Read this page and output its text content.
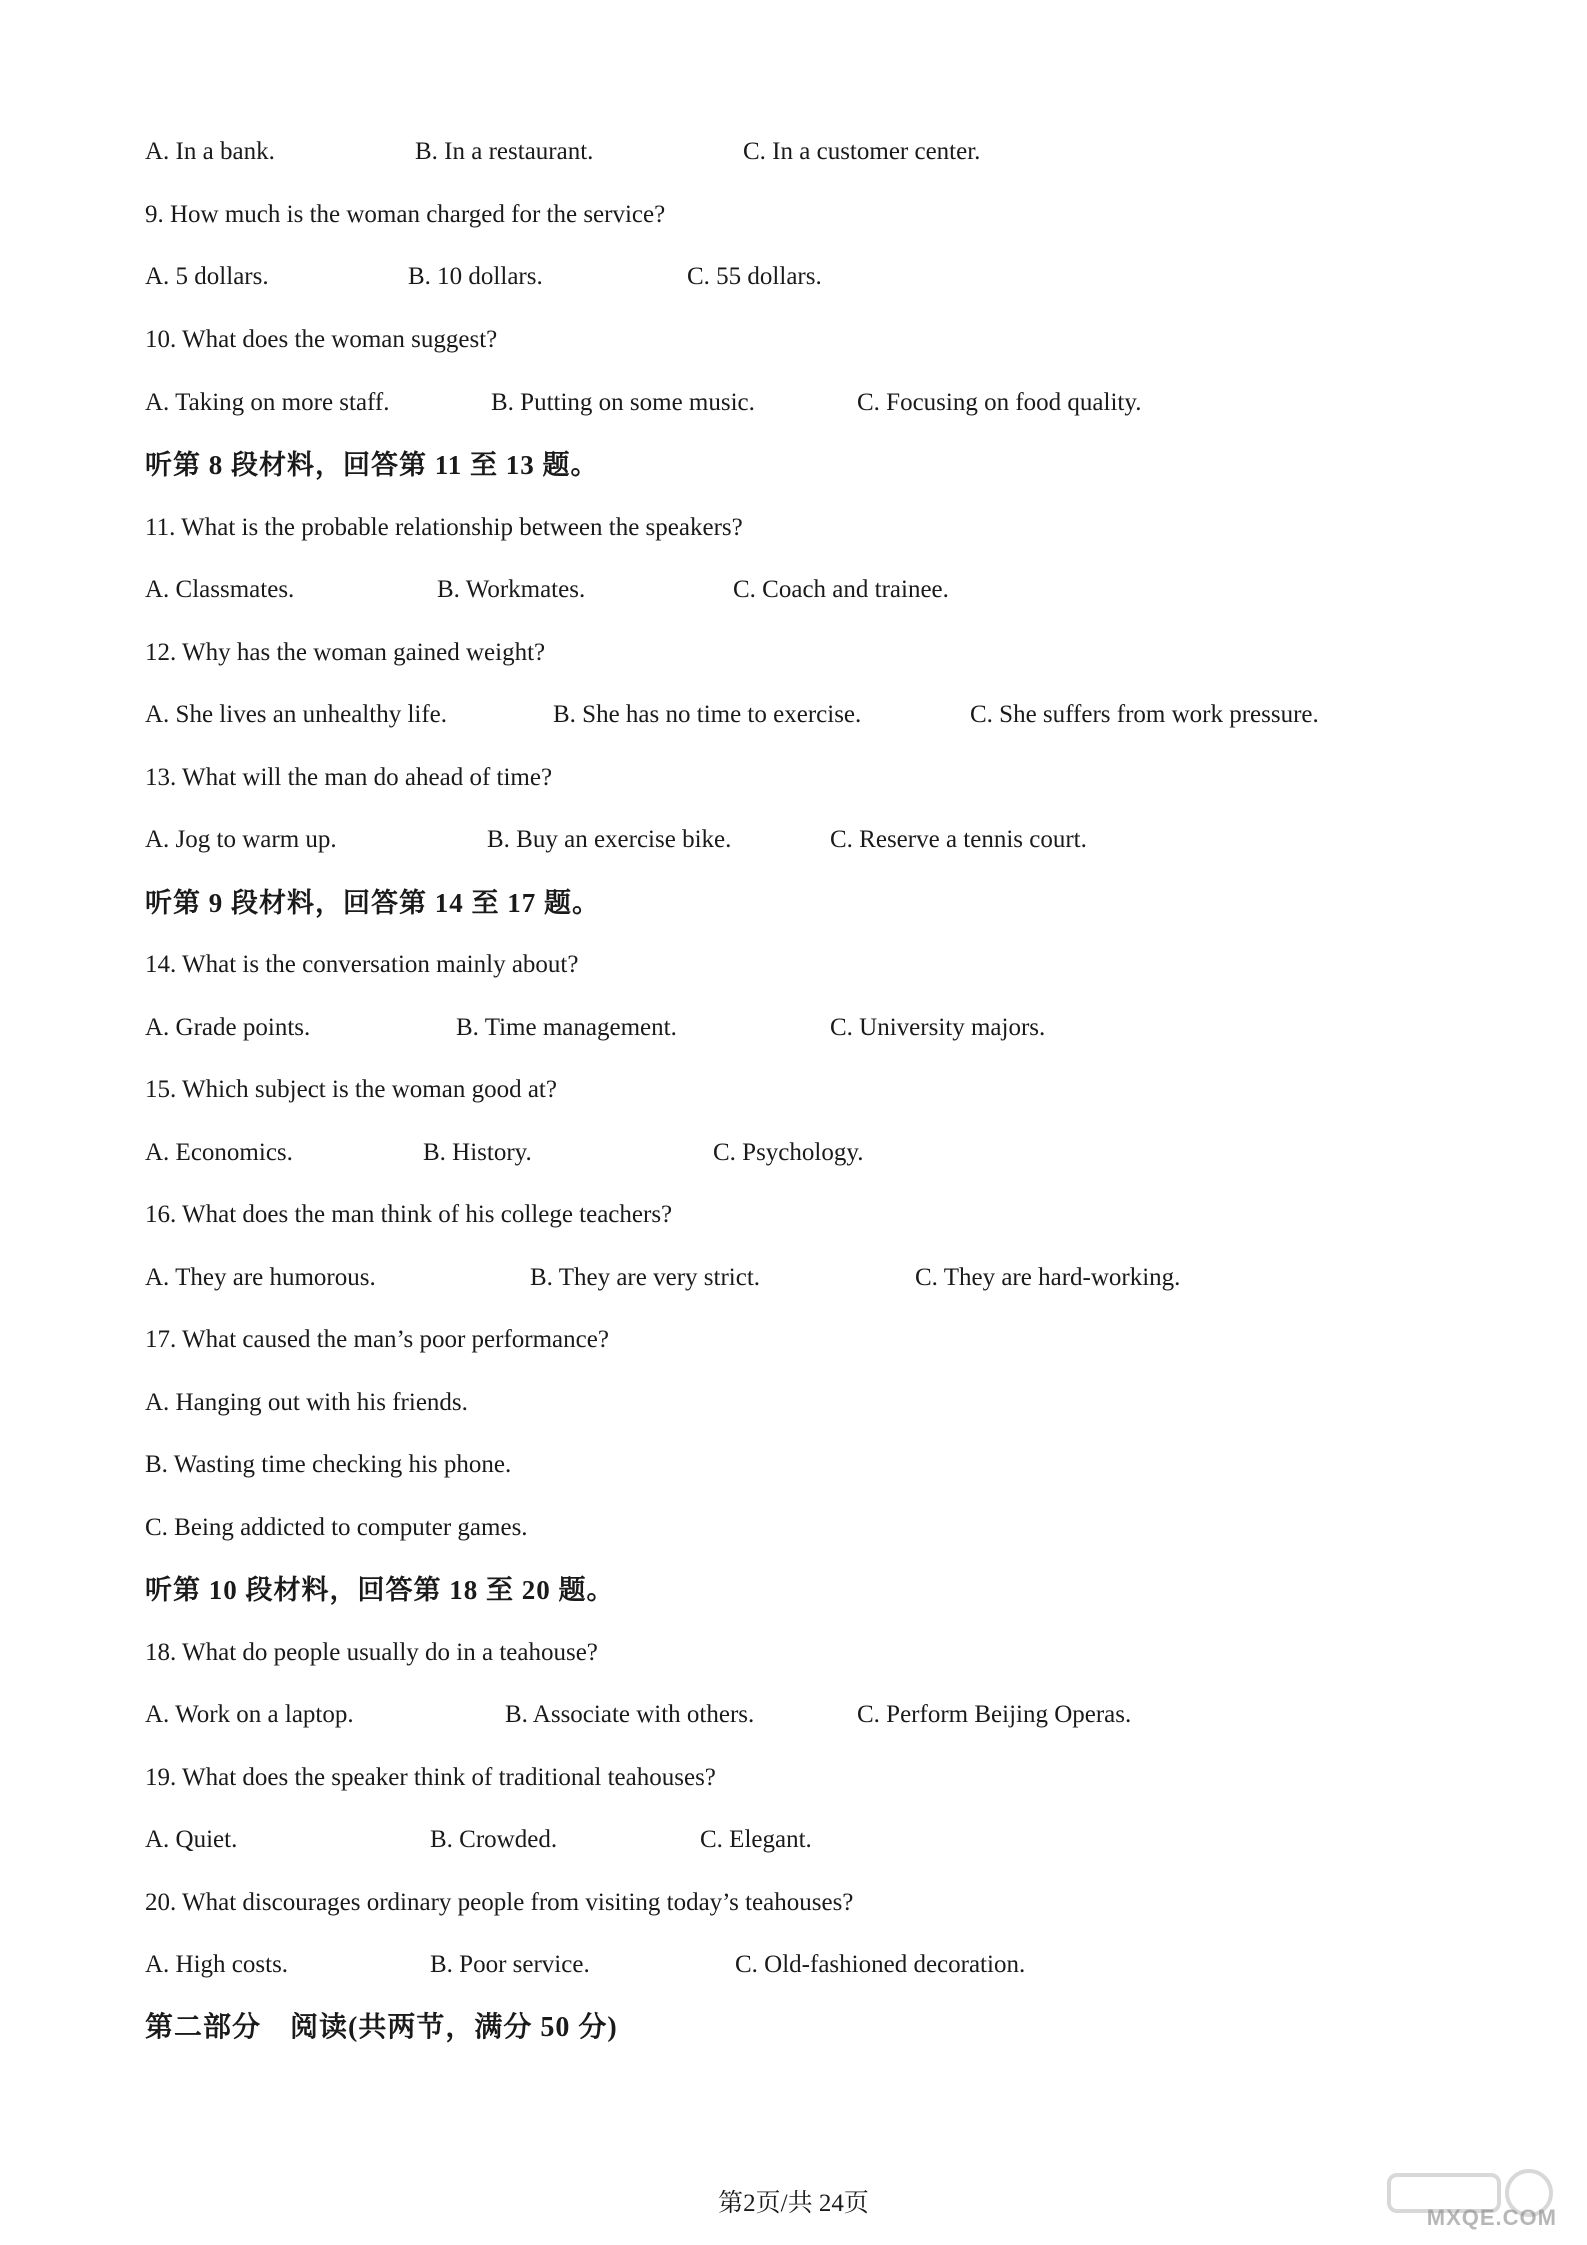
A. In a bank.	B. In a restaurant.	C. In a customer center.
9. How much is the woman charged for the service?
A. 5 dollars.	B. 10 dollars.	C. 55 dollars.
10. What does the woman suggest?
A. Taking on more staff.	B. Putting on some music.	C. Focusing on food quality.
听第 8 段材料，回答第 11 至 13 题。
11. What is the probable relationship between the speakers?
A. Classmates.	B. Workmates.	C. Coach and trainee.
12. Why has the woman gained weight?
A. She lives an unhealthy life.	B. She has no time to exercise.	C. She suffers from work pressure.
13. What will the man do ahead of time?
A. Jog to warm up.	B. Buy an exercise bike.	C. Reserve a tennis court.
听第 9 段材料，回答第 14 至 17 题。
14. What is the conversation mainly about?
A. Grade points.	B. Time management.	C. University majors.
15. Which subject is the woman good at?
A. Economics.	B. History.	C. Psychology.
16. What does the man think of his college teachers?
A. They are humorous.	B. They are very strict.	C. They are hard-working.
17. What caused the man’s poor performance?
A. Hanging out with his friends.
B. Wasting time checking his phone.
C. Being addicted to computer games.
听第 10 段材料，回答第 18 至 20 题。
18. What do people usually do in a teahouse?
A. Work on a laptop.	B. Associate with others.	C. Perform Beijing Operas.
19. What does the speaker think of traditional teahouses?
A. Quiet.	B. Crowded.	C. Elegant.
20. What discourages ordinary people from visiting today’s teahouses?
A. High costs.	B. Poor service.	C. Old-fashioned decoration.
第二部分　阅读(共两节，满分 50 分)
第2页/共 24页
MXQE.COM
